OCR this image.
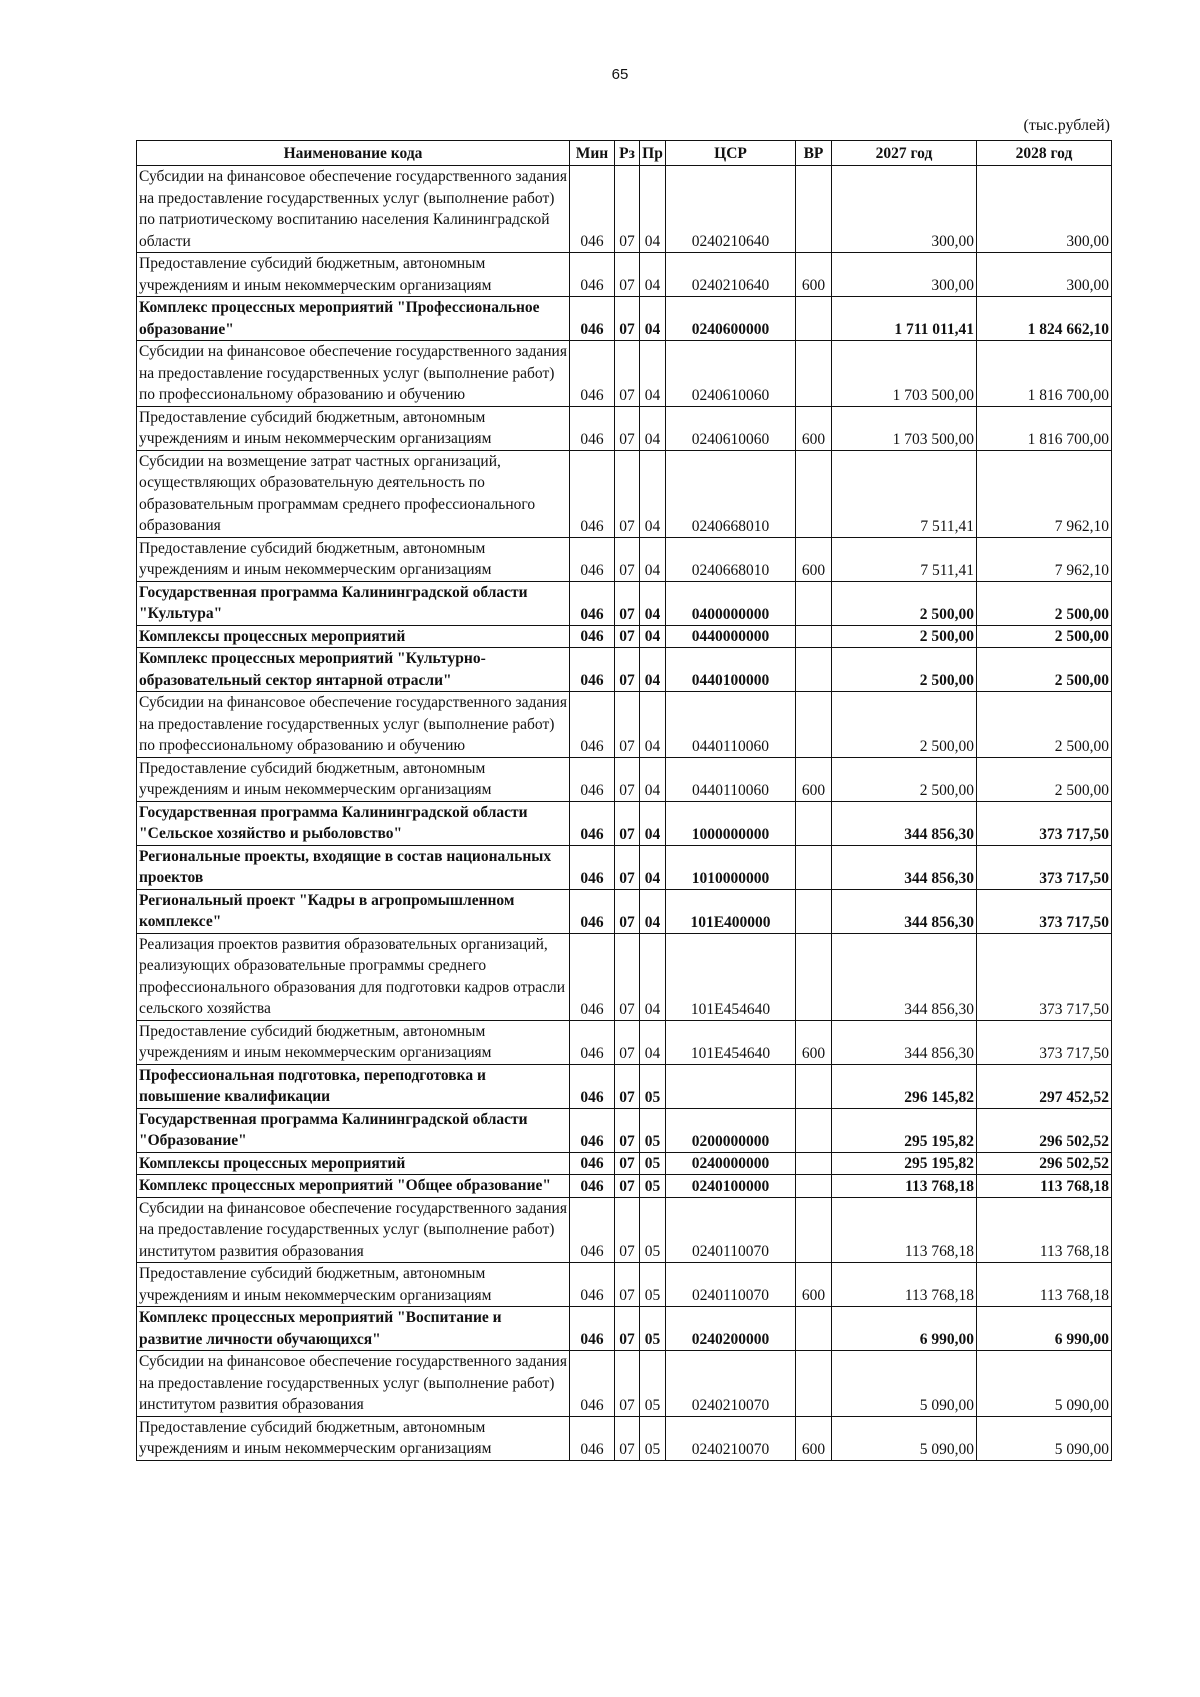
65
(тыс.рублей)
Наименование кода	Мин	Рз	Пр	ЦСР	ВР	2027 год	2028 год
Субсидии на финансовое обеспечение государственного задания на предоставление государственных услуг (выполнение работ) по патриотическому воспитанию населения Калининградской области	046	07	04	0240210640		300,00	300,00
Предоставление субсидий бюджетным, автономным учреждениям и иным некоммерческим организациям	046	07	04	0240210640	600	300,00	300,00
Комплекс процессных мероприятий "Профессиональное образование"	046	07	04	0240600000		1 711 011,41	1 824 662,10
Субсидии на финансовое обеспечение государственного задания на предоставление государственных услуг (выполнение работ) по профессиональному образованию и обучению	046	07	04	0240610060		1 703 500,00	1 816 700,00
Предоставление субсидий бюджетным, автономным учреждениям и иным некоммерческим организациям	046	07	04	0240610060	600	1 703 500,00	1 816 700,00
Субсидии на возмещение затрат частных организаций, осуществляющих образовательную деятельность по образовательным программам среднего профессионального образования	046	07	04	0240668010		7 511,41	7 962,10
Предоставление субсидий бюджетным, автономным учреждениям и иным некоммерческим организациям	046	07	04	0240668010	600	7 511,41	7 962,10
Государственная программа Калининградской области "Культура"	046	07	04	0400000000		2 500,00	2 500,00
Комплексы процессных мероприятий	046	07	04	0440000000		2 500,00	2 500,00
Комплекс процессных мероприятий "Культурно-образовательный сектор янтарной отрасли"	046	07	04	0440100000		2 500,00	2 500,00
Субсидии на финансовое обеспечение государственного задания на предоставление государственных услуг (выполнение работ) по профессиональному образованию и обучению	046	07	04	0440110060		2 500,00	2 500,00
Предоставление субсидий бюджетным, автономным учреждениям и иным некоммерческим организациям	046	07	04	0440110060	600	2 500,00	2 500,00
Государственная программа Калининградской области "Сельское хозяйство и рыболовство"	046	07	04	1000000000		344 856,30	373 717,50
Региональные проекты, входящие в состав национальных проектов	046	07	04	1010000000		344 856,30	373 717,50
Региональный проект "Кадры в агропромышленном комплексе"	046	07	04	101E400000		344 856,30	373 717,50
Реализация проектов развития образовательных организаций, реализующих образовательные программы среднего профессионального образования для подготовки кадров отрасли сельского хозяйства	046	07	04	101E454640		344 856,30	373 717,50
Предоставление субсидий бюджетным, автономным учреждениям и иным некоммерческим организациям	046	07	04	101E454640	600	344 856,30	373 717,50
Профессиональная подготовка, переподготовка и повышение квалификации	046	07	05			296 145,82	297 452,52
Государственная программа Калининградской области "Образование"	046	07	05	0200000000		295 195,82	296 502,52
Комплексы процессных мероприятий	046	07	05	0240000000		295 195,82	296 502,52
Комплекс процессных мероприятий "Общее образование"	046	07	05	0240100000		113 768,18	113 768,18
Субсидии на финансовое обеспечение государственного задания на предоставление государственных услуг (выполнение работ) институтом развития образования	046	07	05	0240110070		113 768,18	113 768,18
Предоставление субсидий бюджетным, автономным учреждениям и иным некоммерческим организациям	046	07	05	0240110070	600	113 768,18	113 768,18
Комплекс процессных мероприятий "Воспитание и развитие личности обучающихся"	046	07	05	0240200000		6 990,00	6 990,00
Субсидии на финансовое обеспечение государственного задания на предоставление государственных услуг (выполнение работ) институтом развития образования	046	07	05	0240210070		5 090,00	5 090,00
Предоставление субсидий бюджетным, автономным учреждениям и иным некоммерческим организациям	046	07	05	0240210070	600	5 090,00	5 090,00
